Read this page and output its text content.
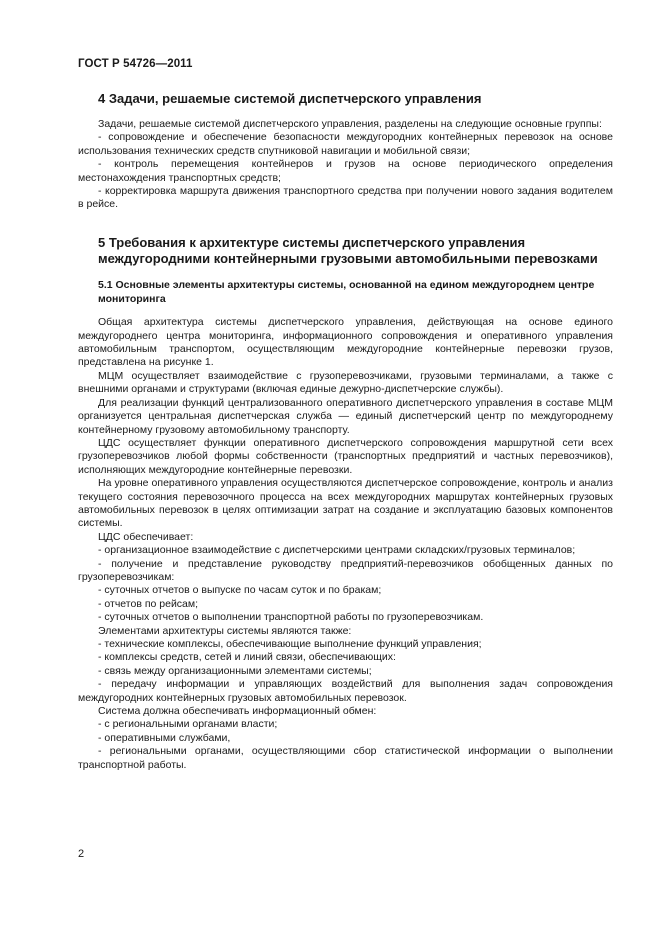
ГОСТ Р 54726—2011
4 Задачи, решаемые системой диспетчерского управления

Задачи, решаемые системой диспетчерского управления, разделены на следующие основные группы:

- сопровождение и обеспечение безопасности междугородних контейнерных перевозок на основе использования технических средств спутниковой навигации и мобильной связи;

- контроль перемещения контейнеров и грузов на основе периодического определения местонахождения транспортных средств;

- корректировка маршрута движения транспортного средства при получении нового задания водителем в рейсе.

5 Требования к архитектуре системы диспетчерского управления междугородними контейнерными грузовыми автомобильными перевозками
5.1 Основные элементы архитектуры системы, основанной на едином междугороднем центре мониторинга

Общая архитектура системы диспетчерского управления, действующая на основе единого междугороднего центра мониторинга, информационного сопровождения и оперативного управления автомобильным транспортом, осуществляющим междугородние контейнерные перевозки грузов, представлена на рисунке 1.

МЦМ осуществляет взаимодействие с грузоперевозчиками, грузовыми терминалами, а также с внешними органами и структурами (включая единые дежурно-диспетчерские службы).

Для реализации функций централизованного оперативного диспетчерского управления в составе МЦМ организуется центральная диспетчерская служба — единый диспетчерский центр по междугороднему контейнерному грузовому автомобильному транспорту.

ЦДС осуществляет функции оперативного диспетчерского сопровождения маршрутной сети всех грузоперевозчиков любой формы собственности (транспортных предприятий и частных перевозчиков), исполняющих междугородние контейнерные перевозки.

На уровне оперативного управления осуществляются диспетчерское сопровождение, контроль и анализ текущего состояния перевозочного процесса на всех междугородних маршрутах контейнерных грузовых автомобильных перевозок в целях оптимизации затрат на создание и эксплуатацию базовых компонентов системы.

ЦДС обеспечивает:

- организационное взаимодействие с диспетчерскими центрами складских/грузовых терминалов;

- получение и представление руководству предприятий-перевозчиков обобщенных данных по грузоперевозчикам:

- суточных отчетов о выпуске по часам суток и по бракам;

- отчетов по рейсам;

- суточных отчетов о выполнении транспортной работы по грузоперевозчикам.

Элементами архитектуры системы являются также:

- технические комплексы, обеспечивающие выполнение функций управления;

- комплексы средств, сетей и линий связи, обеспечивающих:

- связь между организационными элементами системы;

- передачу информации и управляющих воздействий для выполнения задач сопровождения междугородних контейнерных грузовых автомобильных перевозок.

Система должна обеспечивать информационный обмен:

- с региональными органами власти;

- оперативными службами,

- региональными органами, осуществляющими сбор статистической информации о выполнении транспортной работы.

2
